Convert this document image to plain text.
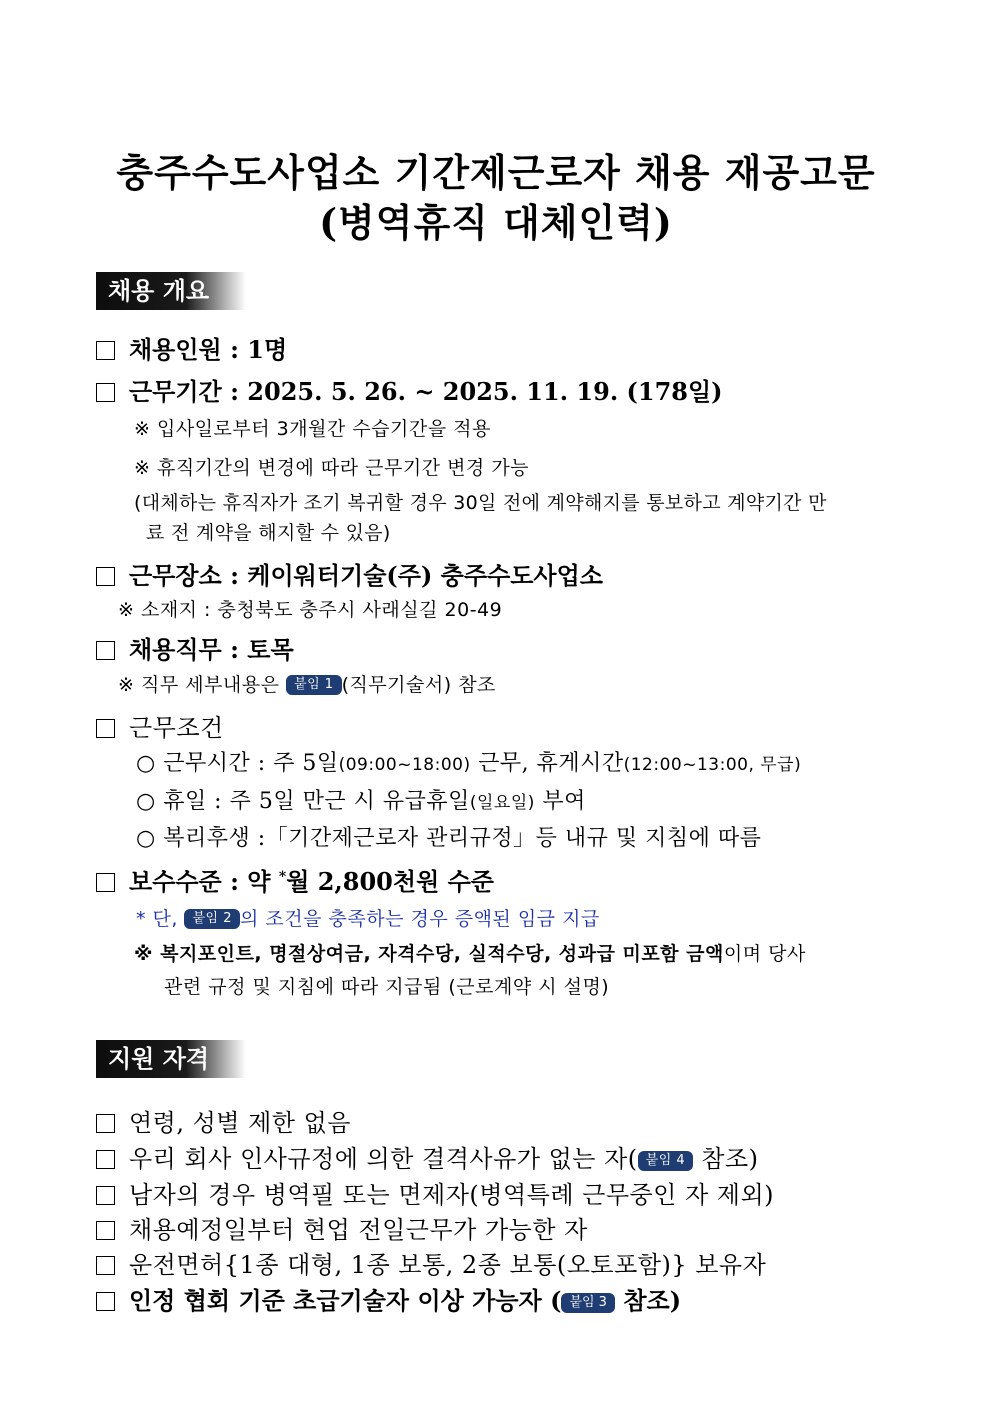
충주수도사업소 기간제근로자 채용 재공고문
(병역휴직 대체인력)
채용 개요
채용인원 : 1명
근무기간 : 2025. 5. 26. ~ 2025. 11. 19. (178일)
※ 입사일로부터 3개월간 수습기간을 적용
※ 휴직기간의 변경에 따라 근무기간 변경 가능
(대체하는 휴직자가 조기 복귀할 경우 30일 전에 계약해지를 통보하고 계약기간 만
료 전 계약을 해지할 수 있음)
근무장소 : 케이워터기술(주) 충주수도사업소
※ 소재지 : 충청북도 충주시 사래실길 20-49
채용직무 : 토목
※ 직무 세부내용은 붙임 1 (직무기술서) 참조
근무조건
○ 근무시간 : 주 5일(09:00~18:00) 근무, 휴게시간(12:00~13:00, 무급)
○ 휴일 : 주 5일 만근 시 유급휴일(일요일) 부여
○ 복리후생 :「기간제근로자 관리규정」등 내규 및 지침에 따름
보수수준 : 약 *월 2,800천원 수준
* 단, 붙임 2 의 조건을 충족하는 경우 증액된 임금 지급
※ 복지포인트, 명절상여금, 자격수당, 실적수당, 성과급 미포함 금액이며 당사
관련 규정 및 지침에 따라 지급됨 (근로계약 시 설명)
지원 자격
연령, 성별 제한 없음
우리 회사 인사규정에 의한 결격사유가 없는 자( 붙임 4 참조)
남자의 경우 병역필 또는 면제자(병역특례 근무중인 자 제외)
채용예정일부터 현업 전일근무가 가능한 자
운전면허{1종 대형, 1종 보통, 2종 보통(오토포함)} 보유자
인정 협회 기준 초급기술자 이상 가능자 ( 붙임 3 참조)
